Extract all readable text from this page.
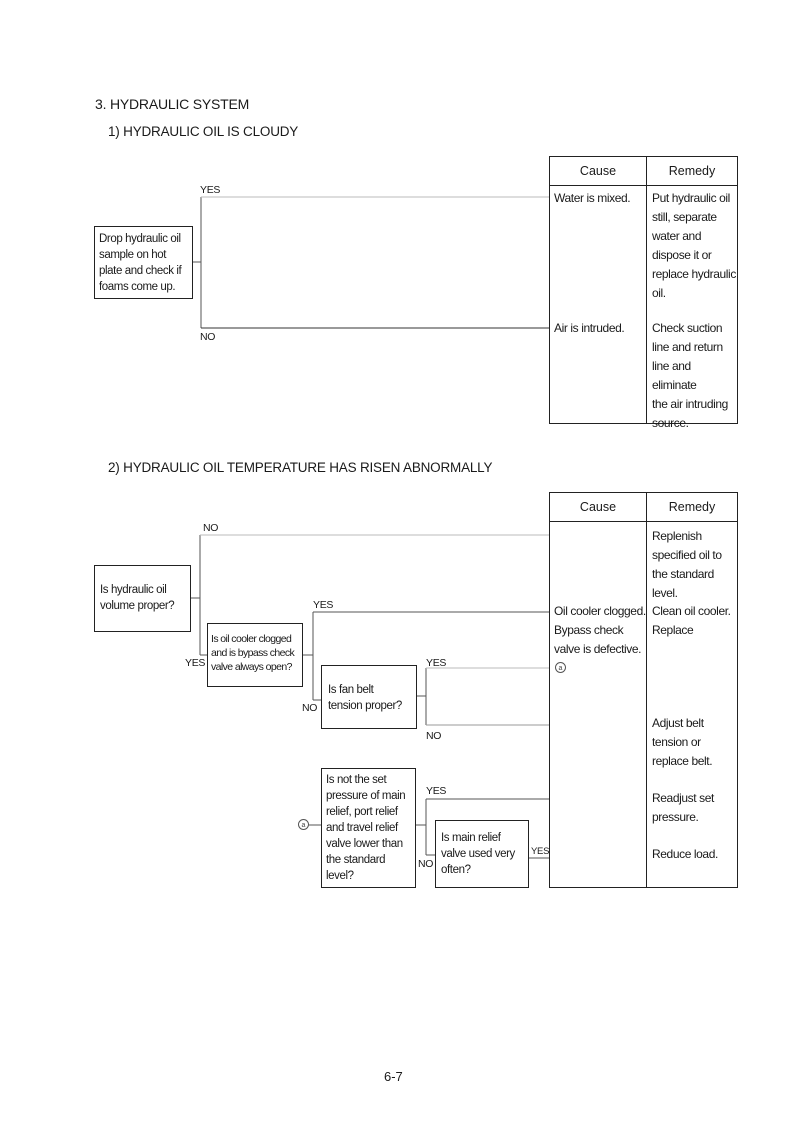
3. HYDRAULIC SYSTEM
1) HYDRAULIC OIL IS CLOUDY
Drop hydraulic oil
sample on hot
plate and check if
foams come up.
YES
NO
Cause	Remedy
Water is mixed. Put hydraulic oil
still, separate
water and
dispose it or
replace hydraulic
oil.
Air is intruded. Check suction
line and return
line and eliminate
the air intruding
source.
2) HYDRAULIC OIL TEMPERATURE HAS RISEN ABNORMALLY
Is hydraulic oil
volume proper?
NO
YES
Is oil cooler clogged
and is bypass check
valve always open?
YES
NO
Is fan belt
tension proper?
YES
NO
a
Is not the set
pressure of main
relief, port relief
and travel relief
valve lower than
the standard
level?
YES
NO
Is main relief
valve used very
often?
YES
Cause	Remedy
Replenish
specified oil to
the standard
level.
Oil cooler clogged.
Bypass check
valve is defective.
Clean oil cooler.
Replace
a
Adjust belt
tension or
replace belt.
Readjust set
pressure.
Reduce load.
6-7
